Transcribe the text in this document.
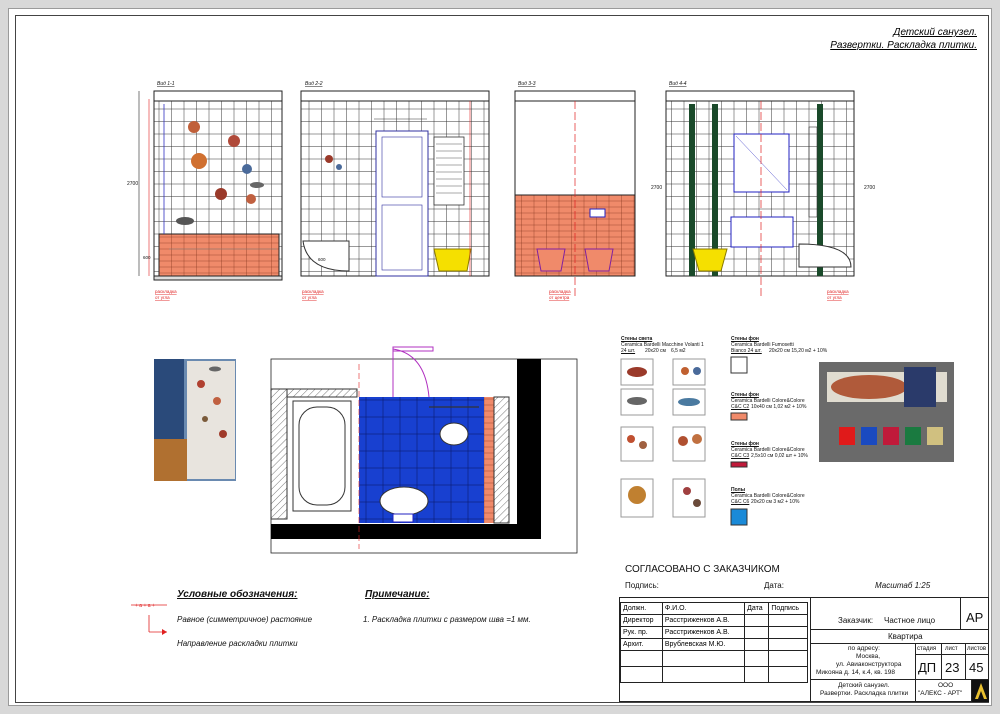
Детский санузел.
Развертки. Раскладка плитки.
Вид 1-1
2700
600
раскладка
от угла
Вид 2-2
600
раскладка
от угла
Вид 3-3
раскладка
от центра
Вид 4-4
2700	2700
раскладка
от угла
+ a + a +
Стены света
Ceramica Bardelli Macchine Volanti 1
24 шт. 20х20 см 6,5 м2
Стены фон
Ceramica Bardelli Fumosetti
Bianco 24 шт. 20х20 см 15,20 м2 + 10%
Стены фон
Ceramica Bardelli Colore&Colore
C&C C2 10х40 см 1,02 м2 + 10%
Стены фон
Ceramica Bardelli Colore&Colore
C&C C3 2,5х10 см 0,02 шт + 10%
Полы
Ceramica Bardelli Colore&Colore
C&C C6 20х20 см 3 м2 + 10%
Условные обозначения:
Равное (симметричное) растояние
Направление раскладки плитки
Примечание:
1. Раскладка плитки с размером шва =1 мм.
СОГЛАСОВАНО С ЗАКАЗЧИКОМ
Подпись:	Дата:	Масштаб 1:25
Должн.	Ф.И.О.	Дата	Подпись
Директор	Расстриженков А.В.		
Рук. пр.	Расстриженков А.В.		
Архит.	Врублевская М.Ю.		

Заказчик: Частное лицо АР
Квартира
по адресу:
Москва,
ул. Авиаконструктора
Микояна д. 14, к.4, кв. 198
стадия лист листов
ДП 23 45
Детский санузел.
Развертки. Раскладка плитки
ООО
"АЛЕКС - АРТ"
